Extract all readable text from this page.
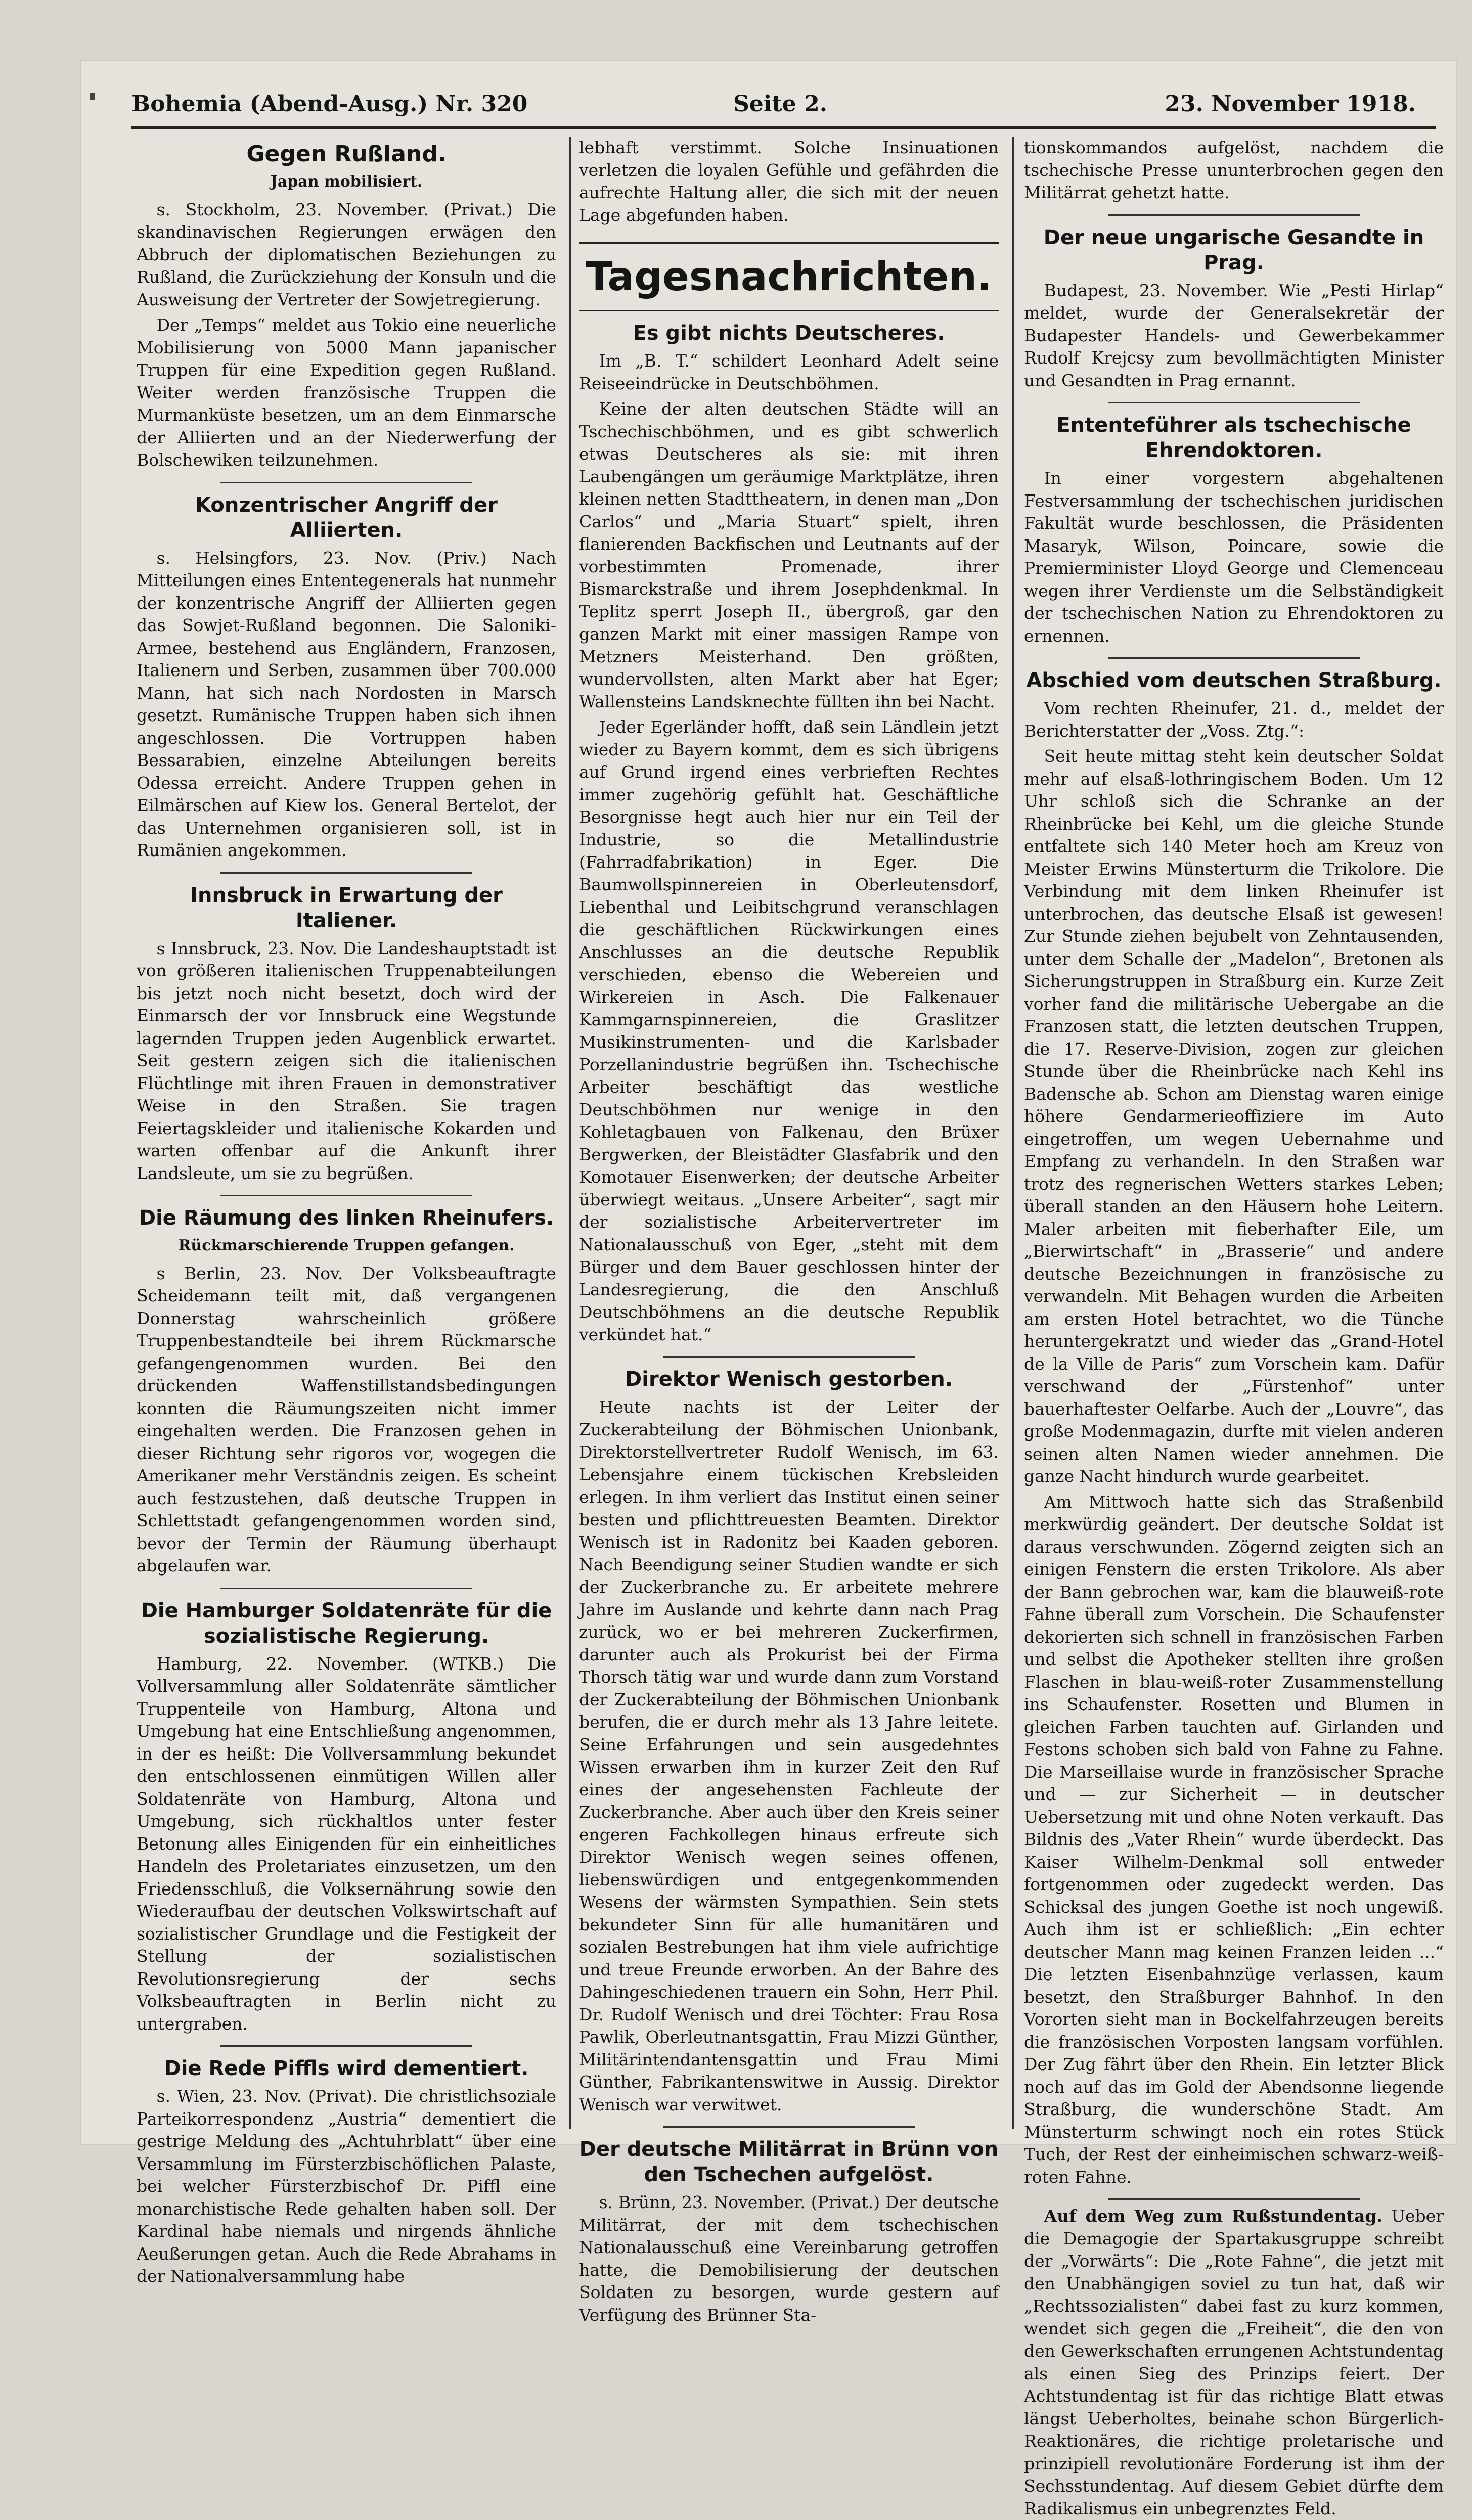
Bohemia (Abend-Ausg.) Nr. 320	Seite 2.	23. November 1918.
Gegen Rußland.
Japan mobilisiert.

s. Stockholm, 23. November. (Privat.) Die skandinavischen Regierungen erwägen den Abbruch der diplomatischen Beziehungen zu Rußland, die Zurückziehung der Konsuln und die Ausweisung der Vertreter der Sowjetregierung.

Der „Temps“ meldet aus Tokio eine neuerliche Mobilisierung von 5000 Mann japanischer Truppen für eine Expedition gegen Rußland. Weiter werden französische Truppen die Murmanküste besetzen, um an dem Einmarsche der Alliierten und an der Niederwerfung der Bolschewiken teilzunehmen.

Konzentrischer Angriff der Alliierten.

s. Helsingfors, 23. Nov. (Priv.) Nach Mitteilungen eines Ententegenerals hat nunmehr der konzentrische Angriff der Alliierten gegen das Sowjet-Rußland begonnen. Die Saloniki-Armee, bestehend aus Engländern, Franzosen, Italienern und Serben, zusammen über 700.000 Mann, hat sich nach Nordosten in Marsch gesetzt. Rumänische Truppen haben sich ihnen angeschlossen. Die Vortruppen haben Bessarabien, einzelne Abteilungen bereits Odessa erreicht. Andere Truppen gehen in Eilmärschen auf Kiew los. General Bertelot, der das Unternehmen organisieren soll, ist in Rumänien angekommen.

Innsbruck in Erwartung der Italiener.

s Innsbruck, 23. Nov. Die Landeshauptstadt ist von größeren italienischen Truppenabteilungen bis jetzt noch nicht besetzt, doch wird der Einmarsch der vor Innsbruck eine Wegstunde lagernden Truppen jeden Augenblick erwartet. Seit gestern zeigen sich die italienischen Flüchtlinge mit ihren Frauen in demonstrativer Weise in den Straßen. Sie tragen Feiertagskleider und italienische Kokarden und warten offenbar auf die Ankunft ihrer Landsleute, um sie zu begrüßen.

Die Räumung des linken Rheinufers.
Rückmarschierende Truppen gefangen.

s Berlin, 23. Nov. Der Volksbeauftragte Scheidemann teilt mit, daß vergangenen Donnerstag wahrscheinlich größere Truppenbestandteile bei ihrem Rückmarsche gefangengenommen wurden. Bei den drückenden Waffenstillstandsbedingungen konnten die Räumungszeiten nicht immer eingehalten werden. Die Franzosen gehen in dieser Richtung sehr rigoros vor, wogegen die Amerikaner mehr Verständnis zeigen. Es scheint auch festzustehen, daß deutsche Truppen in Schlettstadt gefangengenommen worden sind, bevor der Termin der Räumung überhaupt abgelaufen war.

Die Hamburger Soldatenräte für die sozialistische Regierung.

Hamburg, 22. November. (WTKB.) Die Vollversammlung aller Soldatenräte sämtlicher Truppenteile von Hamburg, Altona und Umgebung hat eine Entschließung angenommen, in der es heißt: Die Vollversammlung bekundet den entschlossenen einmütigen Willen aller Soldatenräte von Hamburg, Altona und Umgebung, sich rückhaltlos unter fester Betonung alles Einigenden für ein einheitliches Handeln des Proletariates einzusetzen, um den Friedensschluß, die Volksernährung sowie den Wiederaufbau der deutschen Volkswirtschaft auf sozialistischer Grundlage und die Festigkeit der Stellung der sozialistischen Revolutionsregierung der sechs Volksbeauftragten in Berlin nicht zu untergraben.

Die Rede Piffls wird dementiert.

s. Wien, 23. Nov. (Privat). Die christlichsoziale Parteikorrespondenz „Austria“ dementiert die gestrige Meldung des „Achtuhrblatt“ über eine Versammlung im Fürsterzbischöflichen Palaste, bei welcher Fürsterzbischof Dr. Piffl eine monarchistische Rede gehalten haben soll. Der Kardinal habe niemals und nirgends ähnliche Aeußerungen getan. Auch die Rede Abrahams in der Nationalversammlung habe

lebhaft verstimmt. Solche Insinuationen verletzen die loyalen Gefühle und gefährden die aufrechte Haltung aller, die sich mit der neuen Lage abgefunden haben.

Tagesnachrichten.
Es gibt nichts Deutscheres.

Im „B. T.“ schildert Leonhard Adelt seine Reiseeindrücke in Deutschböhmen.

Keine der alten deutschen Städte will an Tschechischböhmen, und es gibt schwerlich etwas Deutscheres als sie: mit ihren Laubengängen um geräumige Marktplätze, ihren kleinen netten Stadttheatern, in denen man „Don Carlos“ und „Maria Stuart“ spielt, ihren flanierenden Backfischen und Leutnants auf der vorbestimmten Promenade, ihrer Bismarckstraße und ihrem Josephdenkmal. In Teplitz sperrt Joseph II., übergroß, gar den ganzen Markt mit einer massigen Rampe von Metzners Meisterhand. Den größten, wundervollsten, alten Markt aber hat Eger; Wallensteins Landsknechte füllten ihn bei Nacht.

Jeder Egerländer hofft, daß sein Ländlein jetzt wieder zu Bayern kommt, dem es sich übrigens auf Grund irgend eines verbrieften Rechtes immer zugehörig gefühlt hat. Geschäftliche Besorgnisse hegt auch hier nur ein Teil der Industrie, so die Metallindustrie (Fahrradfabrikation) in Eger. Die Baumwollspinnereien in Oberleutensdorf, Liebenthal und Leibitschgrund veranschlagen die geschäftlichen Rückwirkungen eines Anschlusses an die deutsche Republik verschieden, ebenso die Webereien und Wirkereien in Asch. Die Falkenauer Kammgarnspinnereien, die Graslitzer Musikinstrumenten- und die Karlsbader Porzellanindustrie begrüßen ihn. Tschechische Arbeiter beschäftigt das westliche Deutschböhmen nur wenige in den Kohletagbauen von Falkenau, den Brüxer Bergwerken, der Bleistädter Glasfabrik und den Komotauer Eisenwerken; der deutsche Arbeiter überwiegt weitaus. „Unsere Arbeiter“, sagt mir der sozialistische Arbeitervertreter im Nationalausschuß von Eger, „steht mit dem Bürger und dem Bauer geschlossen hinter der Landesregierung, die den Anschluß Deutschböhmens an die deutsche Republik verkündet hat.“

Direktor Wenisch gestorben.

Heute nachts ist der Leiter der Zuckerabteilung der Böhmischen Unionbank, Direktorstellvertreter Rudolf Wenisch, im 63. Lebensjahre einem tückischen Krebsleiden erlegen. In ihm verliert das Institut einen seiner besten und pflichttreuesten Beamten. Direktor Wenisch ist in Radonitz bei Kaaden geboren. Nach Beendigung seiner Studien wandte er sich der Zuckerbranche zu. Er arbeitete mehrere Jahre im Auslande und kehrte dann nach Prag zurück, wo er bei mehreren Zuckerfirmen, darunter auch als Prokurist bei der Firma Thorsch tätig war und wurde dann zum Vorstand der Zuckerabteilung der Böhmischen Unionbank berufen, die er durch mehr als 13 Jahre leitete. Seine Erfahrungen und sein ausgedehntes Wissen erwarben ihm in kurzer Zeit den Ruf eines der angesehensten Fachleute der Zuckerbranche. Aber auch über den Kreis seiner engeren Fachkollegen hinaus erfreute sich Direktor Wenisch wegen seines offenen, liebenswürdigen und entgegenkommenden Wesens der wärmsten Sympathien. Sein stets bekundeter Sinn für alle humanitären und sozialen Bestrebungen hat ihm viele aufrichtige und treue Freunde erworben. An der Bahre des Dahingeschiedenen trauern ein Sohn, Herr Phil. Dr. Rudolf Wenisch und drei Töchter: Frau Rosa Pawlik, Oberleutnantsgattin, Frau Mizzi Günther, Militärintendantensgattin und Frau Mimi Günther, Fabrikantenswitwe in Aussig. Direktor Wenisch war verwitwet.

Der deutsche Militärrat in Brünn von den Tschechen aufgelöst.

s. Brünn, 23. November. (Privat.) Der deutsche Militärrat, der mit dem tschechischen Nationalausschuß eine Vereinbarung getroffen hatte, die Demobilisierung der deutschen Soldaten zu besorgen, wurde gestern auf Verfügung des Brünner Sta-

tionskommandos aufgelöst, nachdem die tschechische Presse ununterbrochen gegen den Militärrat gehetzt hatte.

Der neue ungarische Gesandte in Prag.

Budapest, 23. November. Wie „Pesti Hirlap“ meldet, wurde der Generalsekretär der Budapester Handels- und Gewerbekammer Rudolf Krejcsy zum bevollmächtigten Minister und Gesandten in Prag ernannt.

Ententeführer als tschechische Ehrendoktoren.

In einer vorgestern abgehaltenen Festversammlung der tschechischen juridischen Fakultät wurde beschlossen, die Präsidenten Masaryk, Wilson, Poincare, sowie die Premierminister Lloyd George und Clemenceau wegen ihrer Verdienste um die Selbständigkeit der tschechischen Nation zu Ehrendoktoren zu ernennen.

Abschied vom deutschen Straßburg.

Vom rechten Rheinufer, 21. d., meldet der Berichterstatter der „Voss. Ztg.“:

Seit heute mittag steht kein deutscher Soldat mehr auf elsaß-lothringischem Boden. Um 12 Uhr schloß sich die Schranke an der Rheinbrücke bei Kehl, um die gleiche Stunde entfaltete sich 140 Meter hoch am Kreuz von Meister Erwins Münsterturm die Trikolore. Die Verbindung mit dem linken Rheinufer ist unterbrochen, das deutsche Elsaß ist gewesen! Zur Stunde ziehen bejubelt von Zehntausenden, unter dem Schalle der „Madelon“, Bretonen als Sicherungstruppen in Straßburg ein. Kurze Zeit vorher fand die militärische Uebergabe an die Franzosen statt, die letzten deutschen Truppen, die 17. Reserve-Division, zogen zur gleichen Stunde über die Rheinbrücke nach Kehl ins Badensche ab. Schon am Dienstag waren einige höhere Gendarmerieoffiziere im Auto eingetroffen, um wegen Uebernahme und Empfang zu verhandeln. In den Straßen war trotz des regnerischen Wetters starkes Leben; überall standen an den Häusern hohe Leitern. Maler arbeiten mit fieberhafter Eile, um „Bierwirtschaft“ in „Brasserie“ und andere deutsche Bezeichnungen in französische zu verwandeln. Mit Behagen wurden die Arbeiten am ersten Hotel betrachtet, wo die Tünche heruntergekratzt und wieder das „Grand-Hotel de la Ville de Paris“ zum Vorschein kam. Dafür verschwand der „Fürstenhof“ unter bauerhaftester Oelfarbe. Auch der „Louvre“, das große Modenmagazin, durfte mit vielen anderen seinen alten Namen wieder annehmen. Die ganze Nacht hindurch wurde gearbeitet.

Am Mittwoch hatte sich das Straßenbild merkwürdig geändert. Der deutsche Soldat ist daraus verschwunden. Zögernd zeigten sich an einigen Fenstern die ersten Trikolore. Als aber der Bann gebrochen war, kam die blauweiß-rote Fahne überall zum Vorschein. Die Schaufenster dekorierten sich schnell in französischen Farben und selbst die Apotheker stellten ihre großen Flaschen in blau-weiß-roter Zusammenstellung ins Schaufenster. Rosetten und Blumen in gleichen Farben tauchten auf. Girlanden und Festons schoben sich bald von Fahne zu Fahne. Die Marseillaise wurde in französischer Sprache und — zur Sicherheit — in deutscher Uebersetzung mit und ohne Noten verkauft. Das Bildnis des „Vater Rhein“ wurde überdeckt. Das Kaiser Wilhelm-Denkmal soll entweder fortgenommen oder zugedeckt werden. Das Schicksal des jungen Goethe ist noch ungewiß. Auch ihm ist er schließlich: „Ein echter deutscher Mann mag keinen Franzen leiden ...“ Die letzten Eisenbahnzüge verlassen, kaum besetzt, den Straßburger Bahnhof. In den Vororten sieht man in Bockelfahrzeugen bereits die französischen Vorposten langsam vorfühlen. Der Zug fährt über den Rhein. Ein letzter Blick noch auf das im Gold der Abendsonne liegende Straßburg, die wunderschöne Stadt. Am Münsterturm schwingt noch ein rotes Stück Tuch, der Rest der einheimischen schwarz-weiß-roten Fahne.

Auf dem Weg zum Rußstundentag. Ueber die Demagogie der Spartakusgruppe schreibt der „Vorwärts“: Die „Rote Fahne“, die jetzt mit den Unabhängigen soviel zu tun hat, daß wir „Rechtssozialisten“ dabei fast zu kurz kommen, wendet sich gegen die „Freiheit“, die den von den Gewerkschaften errungenen Achtstundentag als einen Sieg des Prinzips feiert. Der Achtstundentag ist für das richtige Blatt etwas längst Ueberholtes, beinahe schon Bürgerlich-Reaktionäres, die richtige proletarische und prinzipiell revolutionäre Forderung ist ihm der Sechsstundentag. Auf diesem Gebiet dürfte dem Radikalismus ein unbegrenztes Feld.
